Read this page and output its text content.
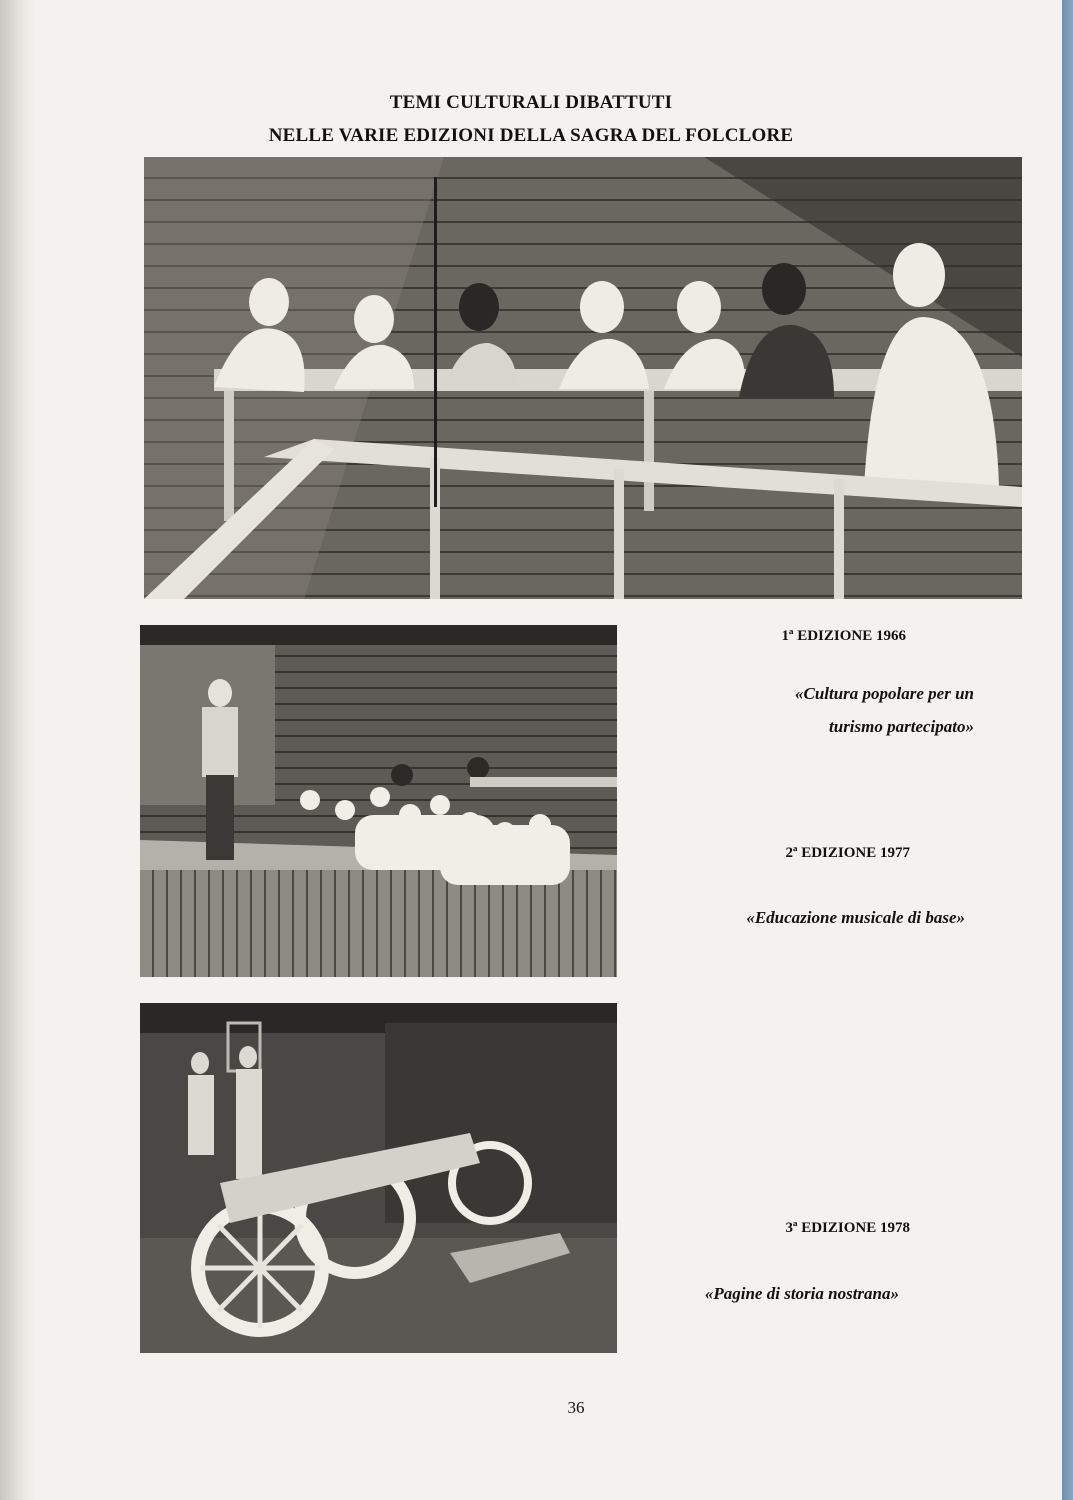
TEMI CULTURALI DIBATTUTI
NELLE VARIE EDIZIONI DELLA SAGRA DEL FOLCLORE
1ª EDIZIONE 1966
«Cultura popolare per un
turismo partecipato»
2ª EDIZIONE 1977
«Educazione musicale di base»
3ª EDIZIONE 1978
«Pagine di storia nostrana»
36
